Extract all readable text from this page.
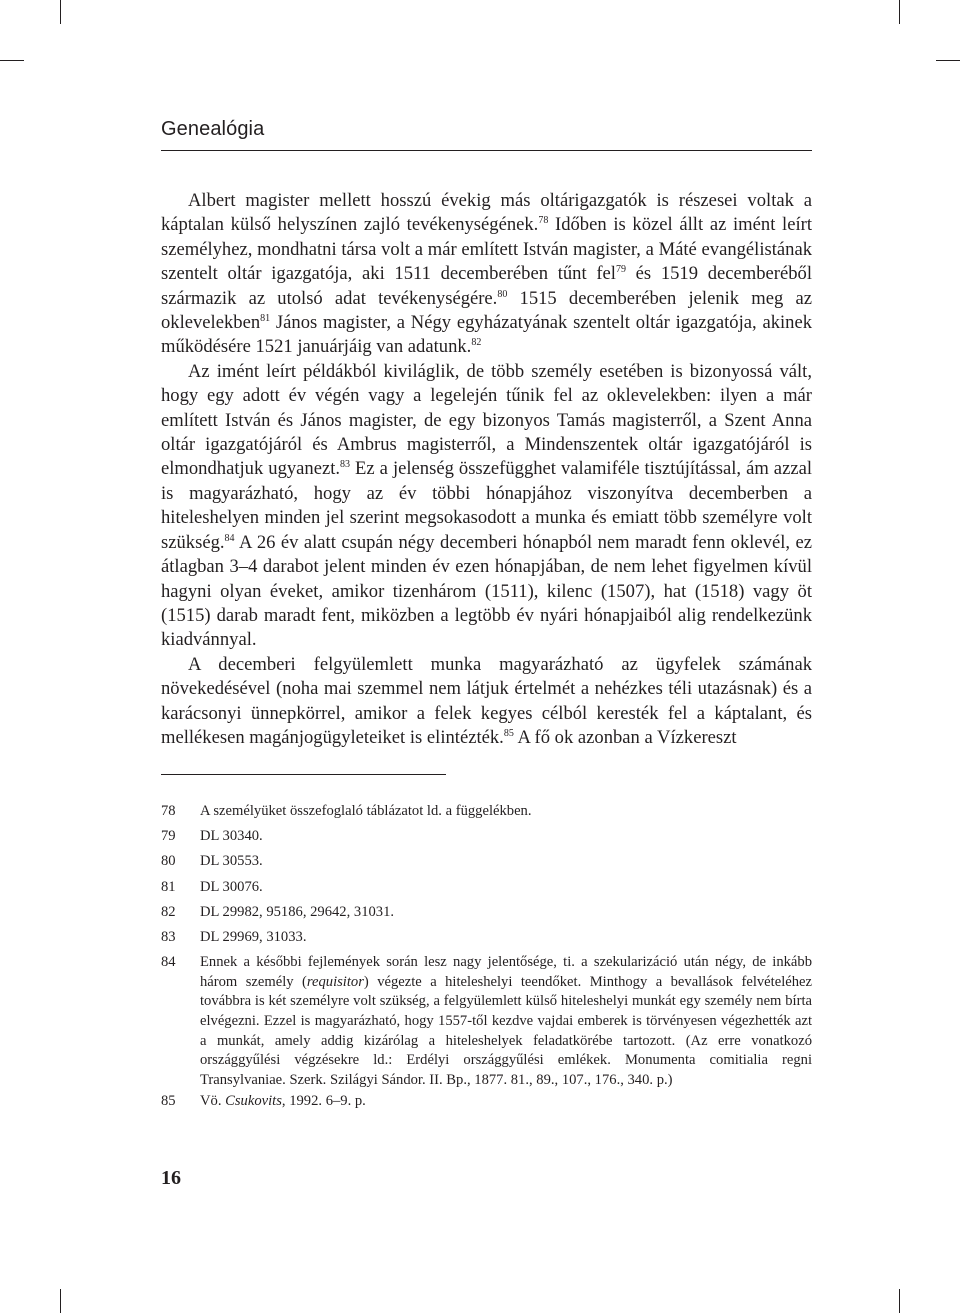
Genealógia

Albert magister mellett hosszú évekig más oltárigazgatók is részesei voltak a káptalan külső helyszínen zajló tevékenységének.$^{78}$ Időben is közel állt az imént leírt személyhez, mondhatni társa volt a már említett István magister, a Máté evangélistának szentelt oltár igazgatója, aki 1511 decemberében tűnt fel$^{79}$ és 1519 decemberéből származik az utolsó adat tevékenységére.$^{80}$ 1515 decemberében jelenik meg az oklevelekben$^{81}$ János magister, a Négy egyházatyának szentelt oltár igazgatója, akinek működésére 1521 januárjáig van adatunk.$^{82}$

Az imént leírt példákból kiviláglik, de több személy esetében is bizonyossá vált, hogy egy adott év végén vagy a legelején tűnik fel az oklevelekben: ilyen a már említett István és János magister, de egy bizonyos Tamás magisterről, a Szent Anna oltár igazgatójáról és Ambrus magisterről, a Mindenszentek oltár igazgatójáról is elmondhatjuk ugyanezt.$^{83}$ Ez a jelenség összefügghet valamiféle tisztújítással, ám azzal is magyarázható, hogy az év többi hónapjához viszonyítva decemberben a hiteleshelyen minden jel szerint megsokasodott a munka és emiatt több személyre volt szükség.$^{84}$ A 26 év alatt csupán négy decemberi hónapból nem maradt fenn oklevél, ez átlagban 3–4 darabot jelent minden év ezen hónapjában, de nem lehet figyelmen kívül hagyni olyan éveket, amikor tizenhárom (1511), kilenc (1507), hat (1518) vagy öt (1515) darab maradt fent, miközben a legtöbb év nyári hónapjaiból alig rendelkezünk kiadvánnyal.

A decemberi felgyülemlett munka magyarázható az ügyfelek számának növekedésével (noha mai szemmel nem látjuk értelmét a nehézkes téli utazásnak) és a karácsonyi ünnepkörrel, amikor a felek kegyes célból keresték fel a káptalant, és mellékesen magánjogügyleteiket is elintézték.$^{85}$ A fő ok azonban a Vízkereszt

78	A személyüket összefoglaló táblázatot ld. a függelékben.
79	DL 30340.
80	DL 30553.
81	DL 30076.
82	DL 29982, 95186, 29642, 31031.
83	DL 29969, 31033.
84	Ennek a későbbi fejlemények során lesz nagy jelentősége, ti. a szekularizáció után négy, de inkább három személy (requisitor) végezte a hiteleshelyi teendőket. Minthogy a bevallások felvételéhez továbbra is két személyre volt szükség, a felgyülemlett külső hiteleshelyi munkát egy személy nem bírta elvégezni. Ezzel is magyarázható, hogy 1557-től kezdve vajdai emberek is törvényesen végezhették azt a munkát, amely addig kizárólag a hiteleshelyek feladatkörébe tartozott. (Az erre vonatkozó országgyűlési végzésekre ld.: Erdélyi országgyűlési emlékek. Monumenta comitialia regni Transylvaniae. Szerk. Szilágyi Sándor. II. Bp., 1877. 81., 89., 107., 176., 340. p.)
85	Vö. Csukovits, 1992. 6–9. p.
16
